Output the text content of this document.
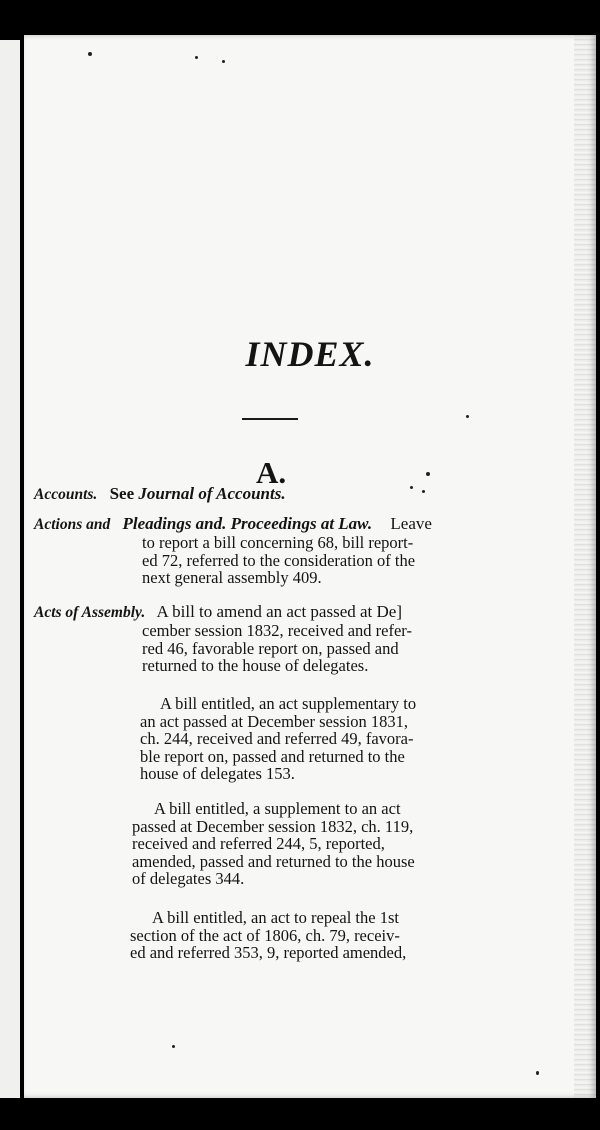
INDEX.
A.
Accounts. See Journal of Accounts.
Actions and Pleadings and. Proceedings at Law. Leave
to report a bill concerning 68, bill report-
ed 72, referred to the consideration of the
next general assembly 409.
Acts of Assembly. A bill to amend an act passed at De]
cember session 1832, received and refer-
red 46, favorable report on, passed and
returned to the house of delegates.
A bill entitled, an act supplementary to
an act passed at December session 1831,
ch. 244, received and referred 49, favora-
ble report on, passed and returned to the
house of delegates 153.
A bill entitled, a supplement to an act
passed at December session 1832, ch. 119,
received and referred 244, 5, reported,
amended, passed and returned to the house
of delegates 344.
A bill entitled, an act to repeal the 1st
section of the act of 1806, ch. 79, receiv-
ed and referred 353, 9, reported amended,
